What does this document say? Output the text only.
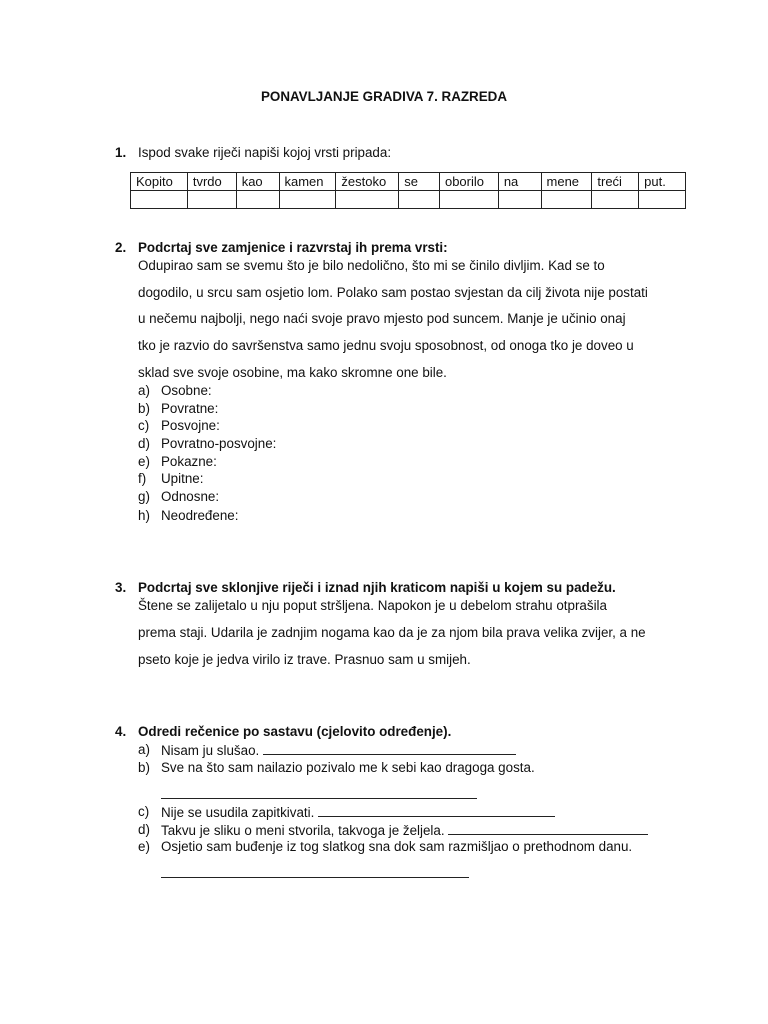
PONAVLJANJE GRADIVA 7. RAZREDA
1. Ispod svake riječi napiši kojoj vrsti pripada:
Kopito	tvrdo	kao	kamen	žestoko	se	oborilo	na	mene	treći	put.

2. Podcrtaj sve zamjenice i razvrstaj ih prema vrsti:
Odupirao sam se svemu što je bilo nedolično, što mi se činilo divljim. Kad se to
dogodilo, u srcu sam osjetio lom. Polako sam postao svjestan da cilj života nije postati
u nečemu najbolji, nego naći svoje pravo mjesto pod suncem. Manje je učinio onaj
tko je razvio do savršenstva samo jednu svoju sposobnost, od onoga tko je doveo u
sklad sve svoje osobine, ma kako skromne one bile.
a) Osobne:
b) Povratne:
c) Posvojne:
d) Povratno-posvojne:
e) Pokazne:
f) Upitne:
g) Odnosne:
h) Neodređene:
3. Podcrtaj sve sklonjive riječi i iznad njih kraticom napiši u kojem su padežu.
Štene se zalijetalo u nju poput stršljena. Napokon je u debelom strahu otprašila
prema staji. Udarila je zadnjim nogama kao da je za njom bila prava velika zvijer, a ne
pseto koje je jedva virilo iz trave. Prasnuo sam u smijeh.
4. Odredi rečenice po sastavu (cjelovito određenje).
a) Nisam ju slušao.
b) Sve na što sam nailazio pozivalo me k sebi kao dragoga gosta.
c) Nije se usudila zapitkivati.
d) Takvu je sliku o meni stvorila, takvoga je željela.
e) Osjetio sam buđenje iz tog slatkog sna dok sam razmišljao o prethodnom danu.
